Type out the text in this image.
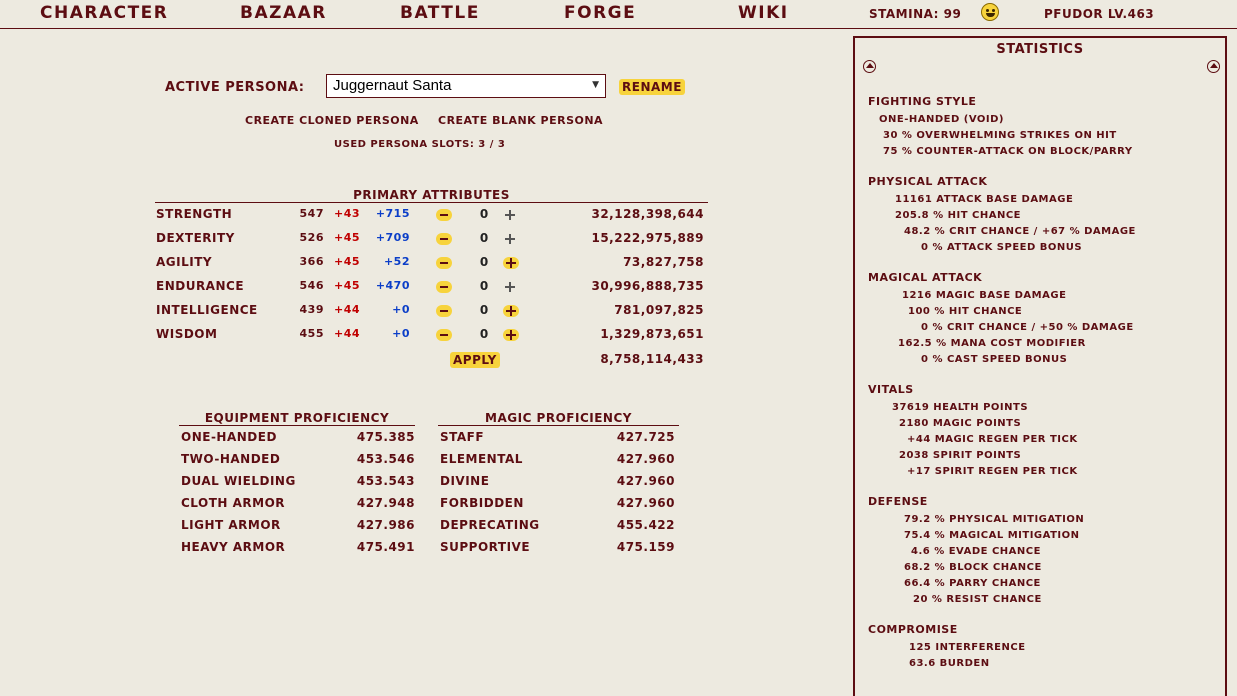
CHARACTER	BAZAAR	BATTLE	FORGE	WIKI	STAMINA: 99	PFUDOR LV.463
ACTIVE PERSONA: Juggernaut Santa	▼ RENAME
CREATE CLONED PERSONA CREATE BLANK PERSONA
USED PERSONA SLOTS: 3 / 3
PRIMARY ATTRIBUTES
STRENGTH	547 +43	+715	0	32,128,398,644
DEXTERITY	526 +45	+709	0	15,222,975,889
AGILITY	366 +45	+52	0	73,827,758
ENDURANCE	546 +45	+470	0	30,996,888,735
INTELLIGENCE	439 +44	+0	0	781,097,825
WISDOM	455 +44	+0	0	1,329,873,651
APPLY	8,758,114,433
EQUIPMENT PROFICIENCY	MAGIC PROFICIENCY
ONE-HANDED	475.385
TWO-HANDED	453.546
DUAL WIELDING	453.543
CLOTH ARMOR	427.948
LIGHT ARMOR	427.986
HEAVY ARMOR	475.491
STAFF	427.725
ELEMENTAL	427.960
DIVINE	427.960
FORBIDDEN	427.960
DEPRECATING	455.422
SUPPORTIVE	475.159
STATISTICS
FIGHTING STYLE
ONE-HANDED (VOID)
30 % OVERWHELMING STRIKES ON HIT
75 % COUNTER-ATTACK ON BLOCK/PARRY
PHYSICAL ATTACK
11161 ATTACK BASE DAMAGE
205.8 % HIT CHANCE
48.2 % CRIT CHANCE / +67 % DAMAGE
0 % ATTACK SPEED BONUS
MAGICAL ATTACK
1216 MAGIC BASE DAMAGE
100 % HIT CHANCE
0 % CRIT CHANCE / +50 % DAMAGE
162.5 % MANA COST MODIFIER
0 % CAST SPEED BONUS
VITALS
37619 HEALTH POINTS
2180 MAGIC POINTS
+44 MAGIC REGEN PER TICK
2038 SPIRIT POINTS
+17 SPIRIT REGEN PER TICK
DEFENSE
79.2 % PHYSICAL MITIGATION
75.4 % MAGICAL MITIGATION
4.6 % EVADE CHANCE
68.2 % BLOCK CHANCE
66.4 % PARRY CHANCE
20 % RESIST CHANCE
COMPROMISE
125 INTERFERENCE
63.6 BURDEN
